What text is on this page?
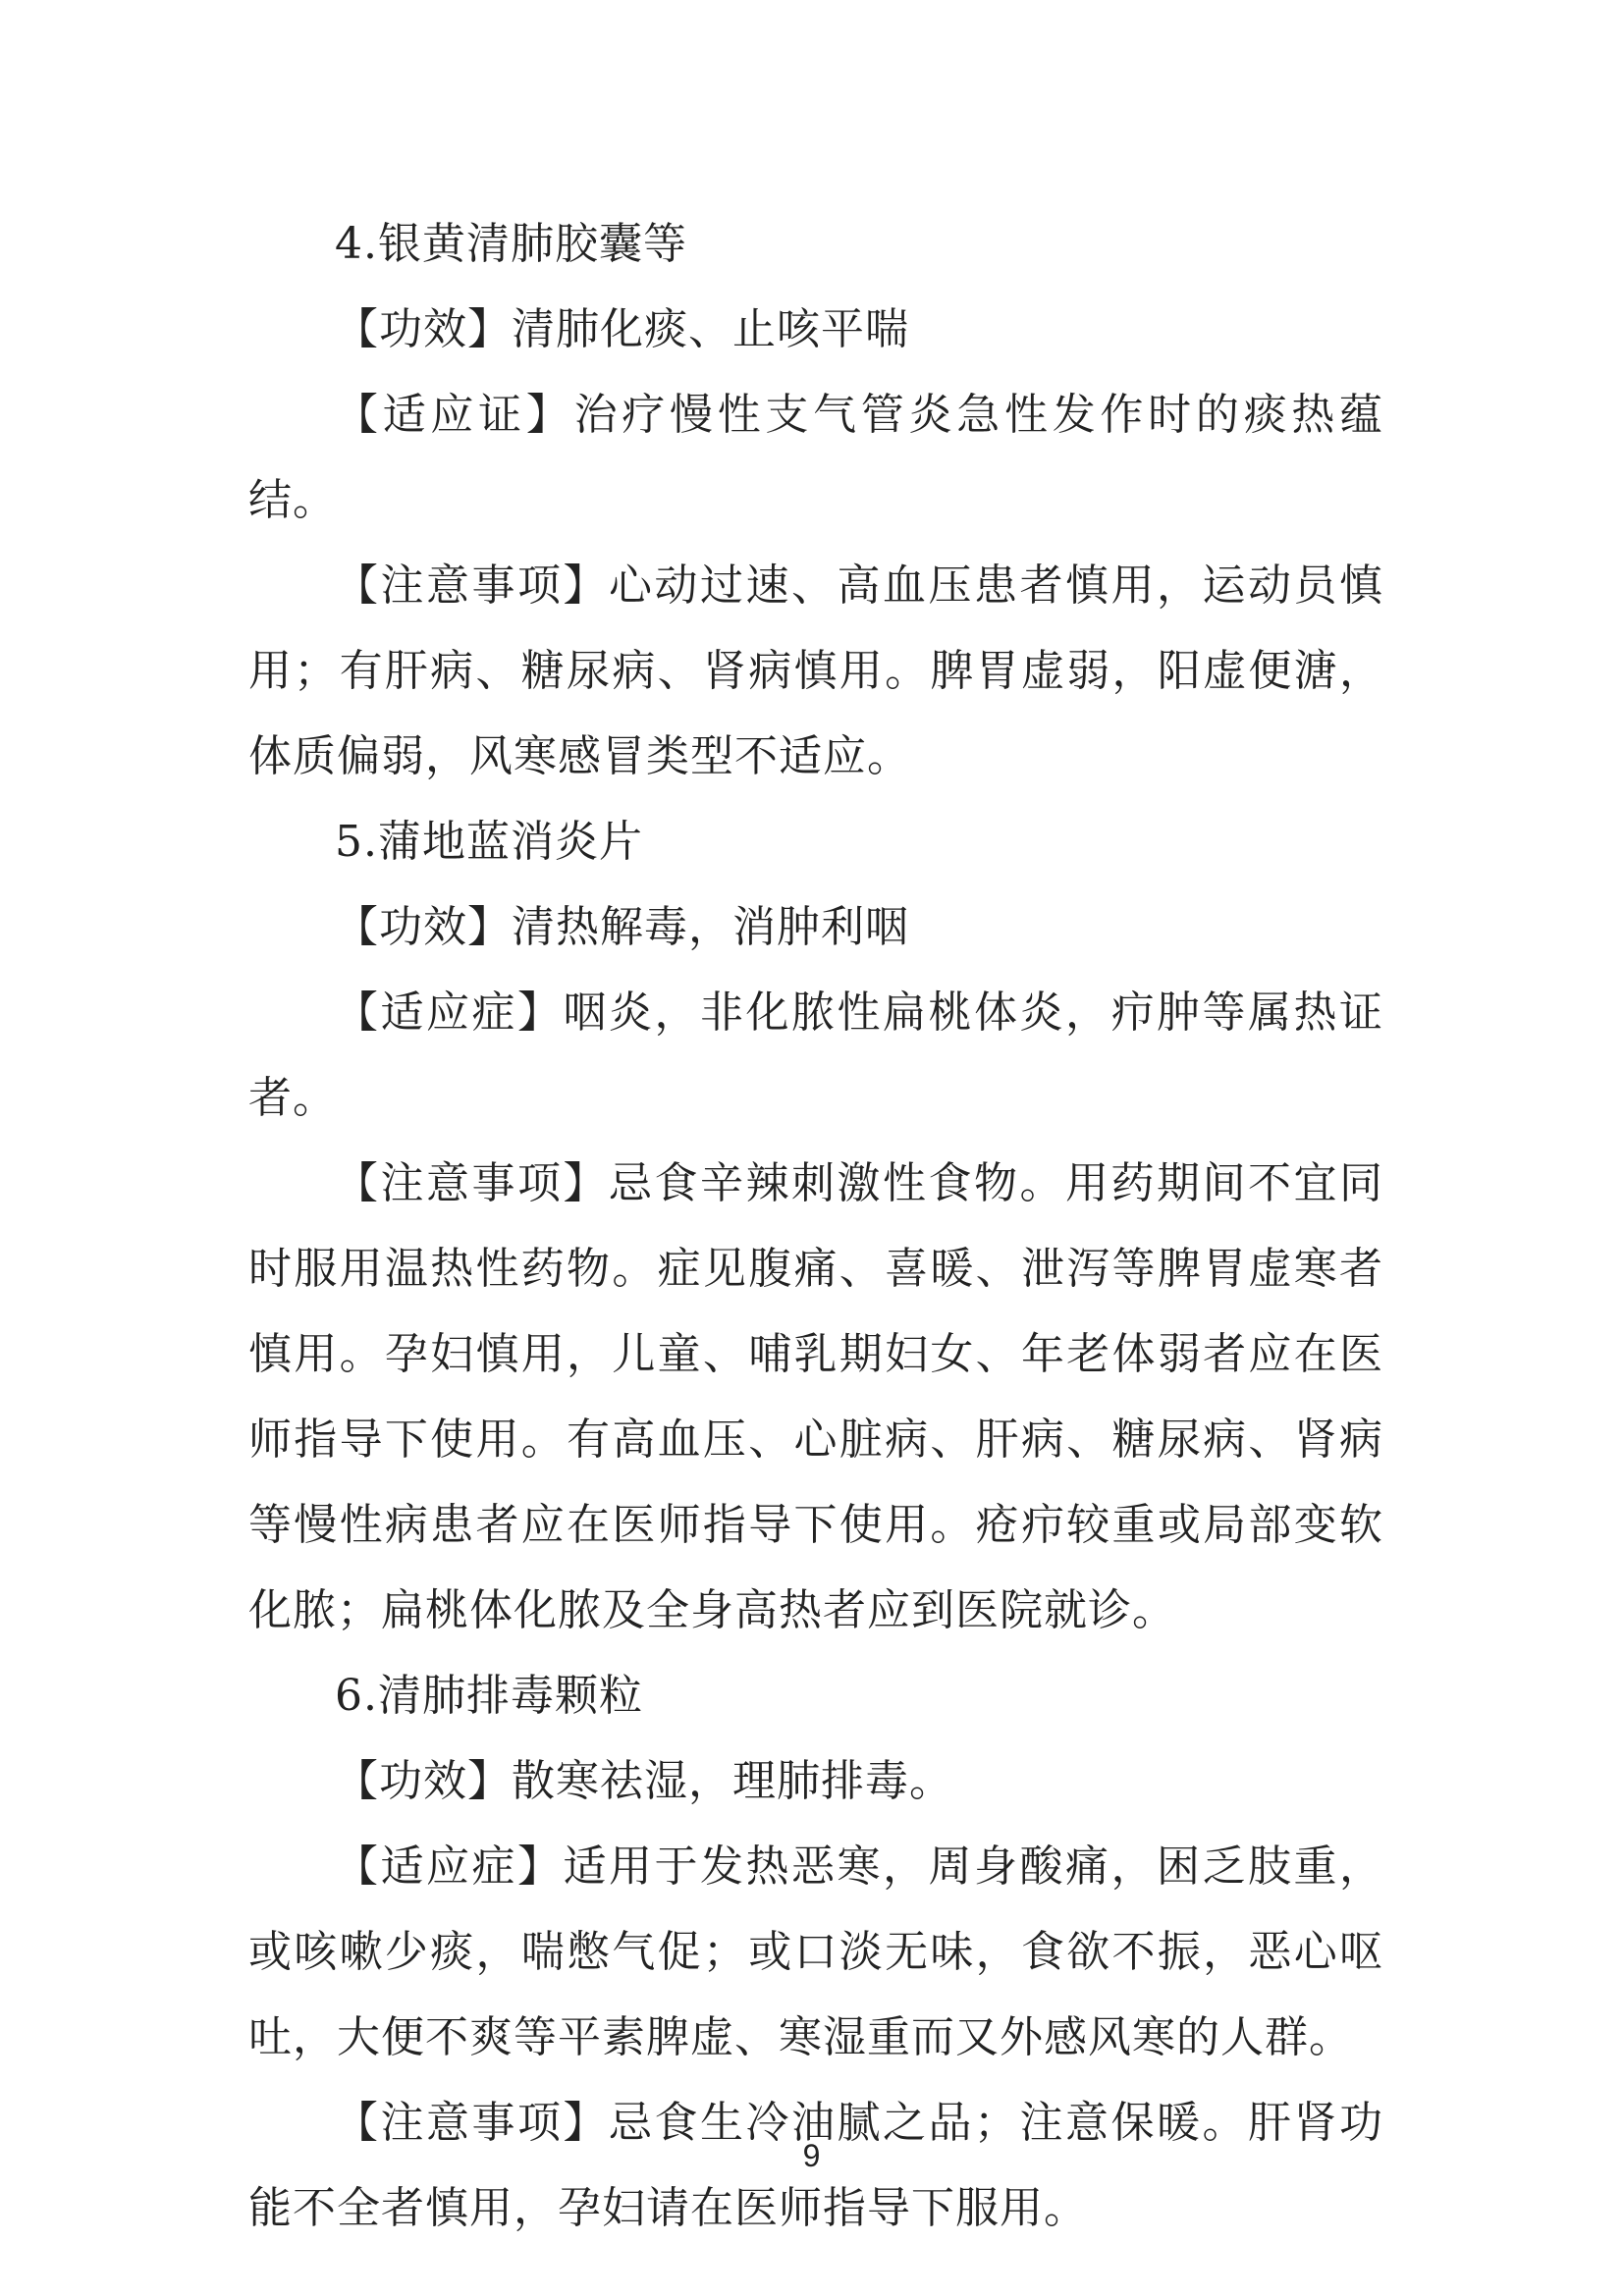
4.银黄清肺胶囊等

【功效】清肺化痰、止咳平喘

【适应证】治疗慢性支气管炎急性发作时的痰热蕴结。

【注意事项】心动过速、高血压患者慎用，运动员慎用；有肝病、糖尿病、肾病慎用。脾胃虚弱，阳虚便溏，体质偏弱，风寒感冒类型不适应。

5.蒲地蓝消炎片

【功效】清热解毒，消肿利咽

【适应症】咽炎，非化脓性扁桃体炎，疖肿等属热证者。

【注意事项】忌食辛辣刺激性食物。用药期间不宜同时服用温热性药物。症见腹痛、喜暖、泄泻等脾胃虚寒者慎用。孕妇慎用，儿童、哺乳期妇女、年老体弱者应在医师指导下使用。有高血压、心脏病、肝病、糖尿病、肾病等慢性病患者应在医师指导下使用。疮疖较重或局部变软化脓；扁桃体化脓及全身高热者应到医院就诊。

6.清肺排毒颗粒

【功效】散寒祛湿，理肺排毒。

【适应症】适用于发热恶寒，周身酸痛，困乏肢重，或咳嗽少痰，喘憋气促；或口淡无味，食欲不振，恶心呕吐，大便不爽等平素脾虚、寒湿重而又外感风寒的人群。

【注意事项】忌食生冷油腻之品；注意保暖。肝肾功能不全者慎用，孕妇请在医师指导下服用。

9
